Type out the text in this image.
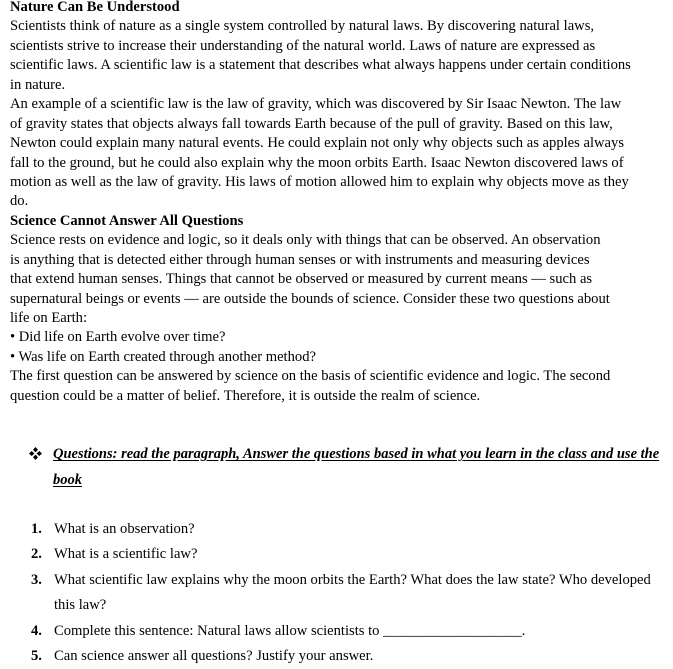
Nature Can Be Understood
Scientists think of nature as a single system controlled by natural laws. By discovering natural laws,
scientists strive to increase their understanding of the natural world. Laws of nature are expressed as
scientific laws. A scientific law is a statement that describes what always happens under certain conditions
in nature.
An example of a scientific law is the law of gravity, which was discovered by Sir Isaac Newton. The law
of gravity states that objects always fall towards Earth because of the pull of gravity. Based on this law,
Newton could explain many natural events. He could explain not only why objects such as apples always
fall to the ground, but he could also explain why the moon orbits Earth. Isaac Newton discovered laws of
motion as well as the law of gravity. His laws of motion allowed him to explain why objects move as they
do.
Science Cannot Answer All Questions
Science rests on evidence and logic, so it deals only with things that can be observed. An observation
is anything that is detected either through human senses or with instruments and measuring devices
that extend human senses. Things that cannot be observed or measured by current means — such as
supernatural beings or events — are outside the bounds of science. Consider these two questions about
life on Earth:
• Did life on Earth evolve over time?
• Was life on Earth created through another method?
The first question can be answered by science on the basis of scientific evidence and logic. The second
question could be a matter of belief. Therefore, it is outside the realm of science.
Questions: read the paragraph, Answer the questions based in what you learn in the class and use the
book
1. What is an observation?
2. What is a scientific law?
3. What scientific law explains why the moon orbits the Earth? What does the law state? Who developed
this law?
4. Complete this sentence: Natural laws allow scientists to ___________________.
5. Can science answer all questions? Justify your answer.
